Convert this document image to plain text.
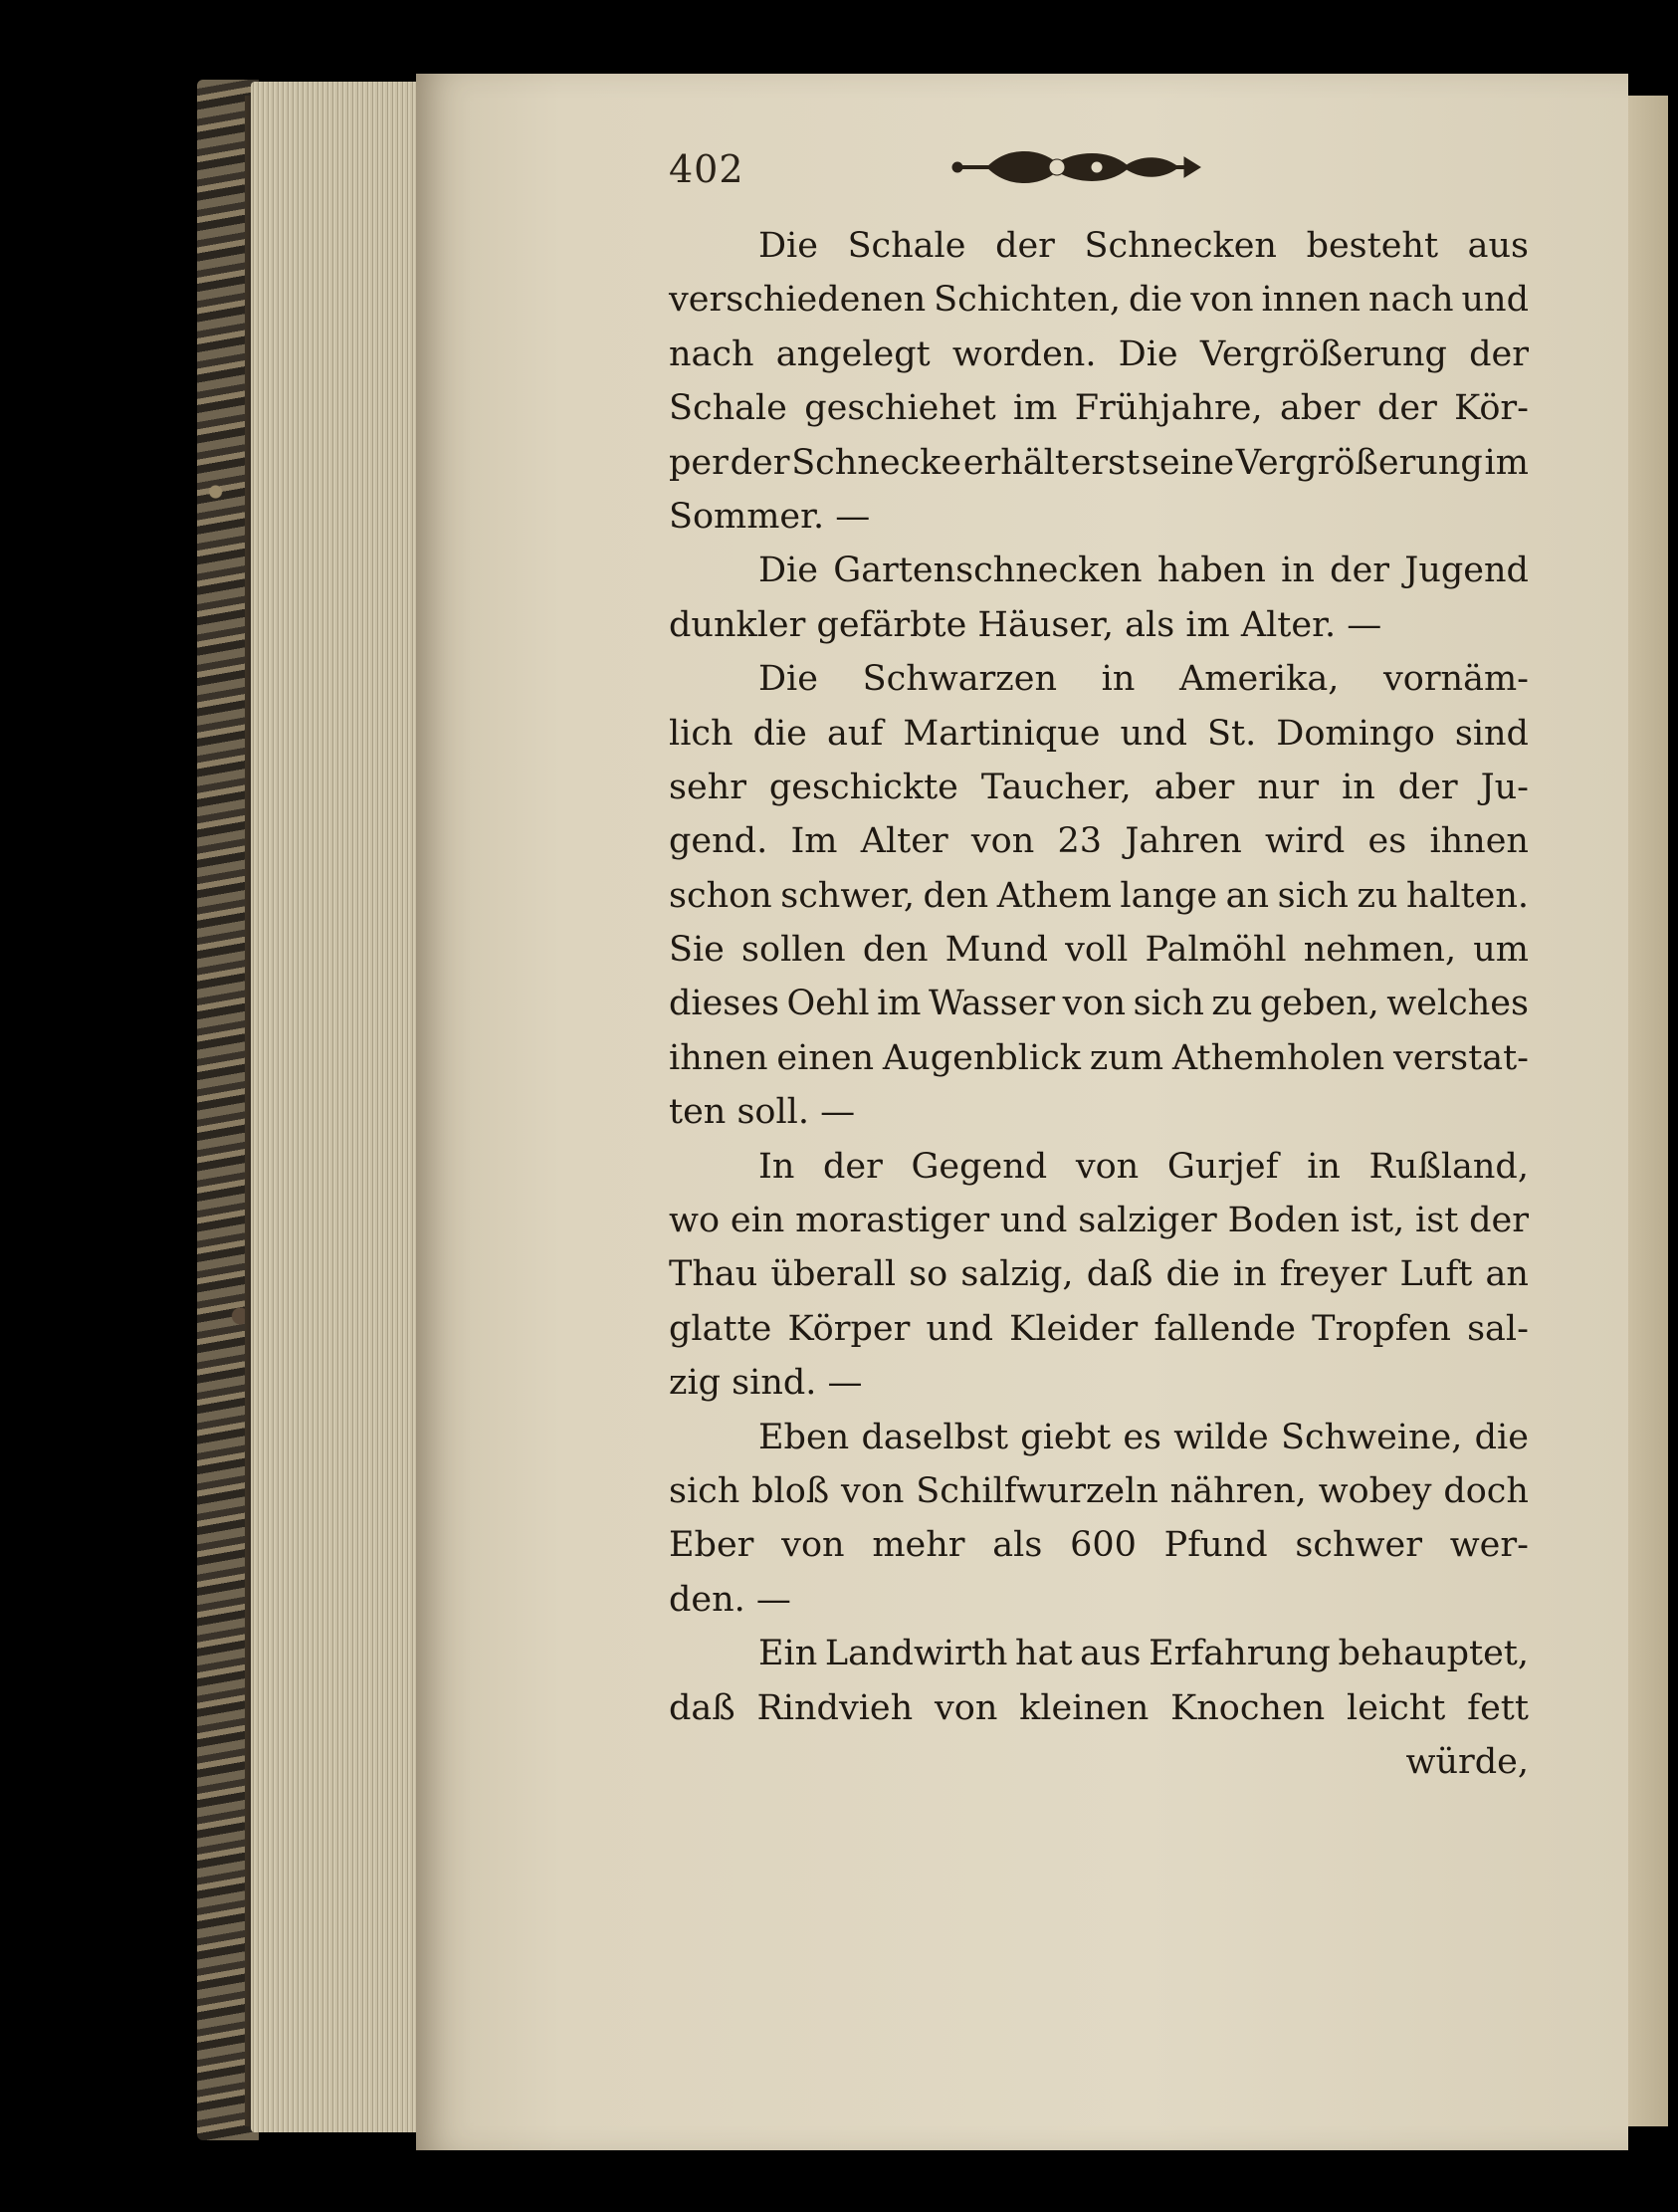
402
Die Schale der Schnecken besteht aus
verschiedenen Schichten, die von innen nach und
nach angelegt worden. Die Vergrößerung der
Schale geschiehet im Frühjahre, aber der Kör-
per der Schnecke erhält erst seine Vergrößerung im
Sommer. —
Die Gartenschnecken haben in der Jugend
dunkler gefärbte Häuser, als im Alter. —
Die Schwarzen in Amerika, vornäm-
lich die auf Martinique und St. Domingo sind
sehr geschickte Taucher, aber nur in der Ju-
gend. Im Alter von 23 Jahren wird es ihnen
schon schwer, den Athem lange an sich zu halten.
Sie sollen den Mund voll Palmöhl nehmen, um
dieses Oehl im Wasser von sich zu geben, welches
ihnen einen Augenblick zum Athemholen verstat-
ten soll. —
In der Gegend von Gurjef in Rußland,
wo ein morastiger und salziger Boden ist, ist der
Thau überall so salzig, daß die in freyer Luft an
glatte Körper und Kleider fallende Tropfen sal-
zig sind. —
Eben daselbst giebt es wilde Schweine, die
sich bloß von Schilfwurzeln nähren, wobey doch
Eber von mehr als 600 Pfund schwer wer-
den. —
Ein Landwirth hat aus Erfahrung behauptet,
daß Rindvieh von kleinen Knochen leicht fett
würde,
